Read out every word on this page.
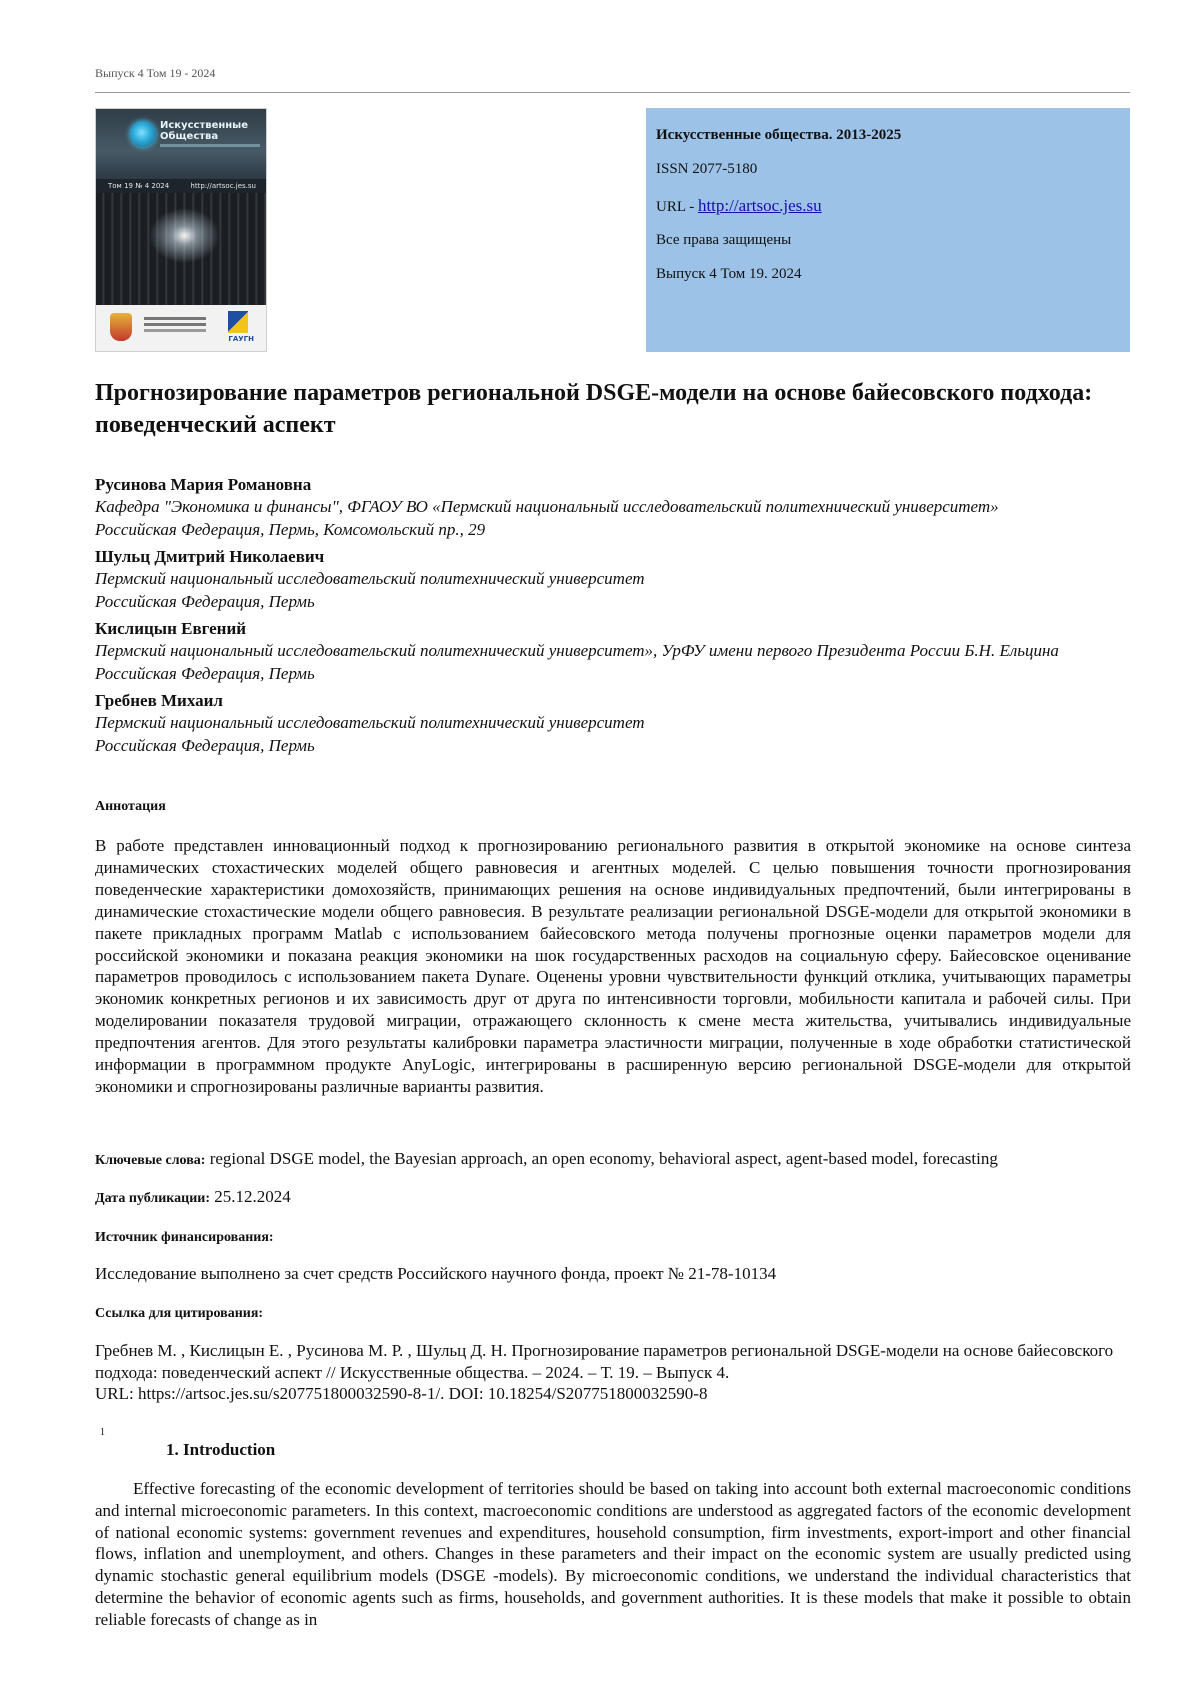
Выпуск 4 Том 19 - 2024
Искусственные Общества
Том 19 № 4 2024	http://artsoc.jes.su
ГАУГН
Искусственные общества. 2013-2025
ISSN 2077-5180
URL - http://artsoc.jes.su
Все права защищены
Выпуск 4 Том 19. 2024
Прогнозирование параметров региональной DSGE-модели на основе байесовского подхода: поведенческий аспект

Русинова Мария Романовна

Кафедра "Экономика и финансы", ФГАОУ ВО «Пермский национальный исследовательский политехнический университет»
Российская Федерация, Пермь, Комсомольский пр., 29

Шульц Дмитрий Николаевич

Пермский национальный исследовательский политехнический университет
Российская Федерация, Пермь

Кислицын Евгений

Пермский национальный исследовательский политехнический университет», УрФУ имени первого Президента России Б.Н. Ельцина
Российская Федерация, Пермь

Гребнев Михаил

Пермский национальный исследовательский политехнический университет
Российская Федерация, Пермь

Аннотация

В работе представлен инновационный подход к прогнозированию регионального развития в открытой экономике на основе синтеза динамических стохастических моделей общего равновесия и агентных моделей. С целью повышения точности прогнозирования поведенческие характеристики домохозяйств, принимающих решения на основе индивидуальных предпочтений, были интегрированы в динамические стохастические модели общего равновесия. В результате реализации региональной DSGE-модели для открытой экономики в пакете прикладных программ Matlab с использованием байесовского метода получены прогнозные оценки параметров модели для российской экономики и показана реакция экономики на шок государственных расходов на социальную сферу. Байесовское оценивание параметров проводилось с использованием пакета Dynare. Оценены уровни чувствительности функций отклика, учитывающих параметры экономик конкретных регионов и их зависимость друг от друга по интенсивности торговли, мобильности капитала и рабочей силы. При моделировании показателя трудовой миграции, отражающего склонность к смене места жительства, учитывались индивидуальные предпочтения агентов. Для этого результаты калибровки параметра эластичности миграции, полученные в ходе обработки статистической информации в программном продукте AnyLogic, интегрированы в расширенную версию региональной DSGE-модели для открытой экономики и спрогнозированы различные варианты развития.

Ключевые слова: regional DSGE model, the Bayesian approach, an open economy, behavioral aspect, agent-based model, forecasting
Дата публикации: 25.12.2024
Источник финансирования:
Исследование выполнено за счет средств Российского научного фонда, проект № 21-78-10134
Ссылка для цитирования:

Гребнев М. , Кислицын Е. , Русинова М. Р. , Шульц Д. Н. Прогнозирование параметров региональной DSGE-модели на основе байесовского подхода: поведенческий аспект // Искусственные общества. – 2024. – Т. 19. – Выпуск 4.
URL: https://artsoc.jes.su/s207751800032590-8-1/. DOI: 10.18254/S207751800032590-8

1
1. Introduction

Effective forecasting of the economic development of territories should be based on taking into account both external macroeconomic conditions and internal microeconomic parameters. In this context, macroeconomic conditions are understood as aggregated factors of the economic development of national economic systems: government revenues and expenditures, household consumption, firm investments, export-import and other financial flows, inflation and unemployment, and others. Changes in these parameters and their impact on the economic system are usually predicted using dynamic stochastic general equilibrium models (DSGE -models). By microeconomic conditions, we understand the individual characteristics that determine the behavior of economic agents such as firms, households, and government authorities. It is these models that make it possible to obtain reliable forecasts of change as in
